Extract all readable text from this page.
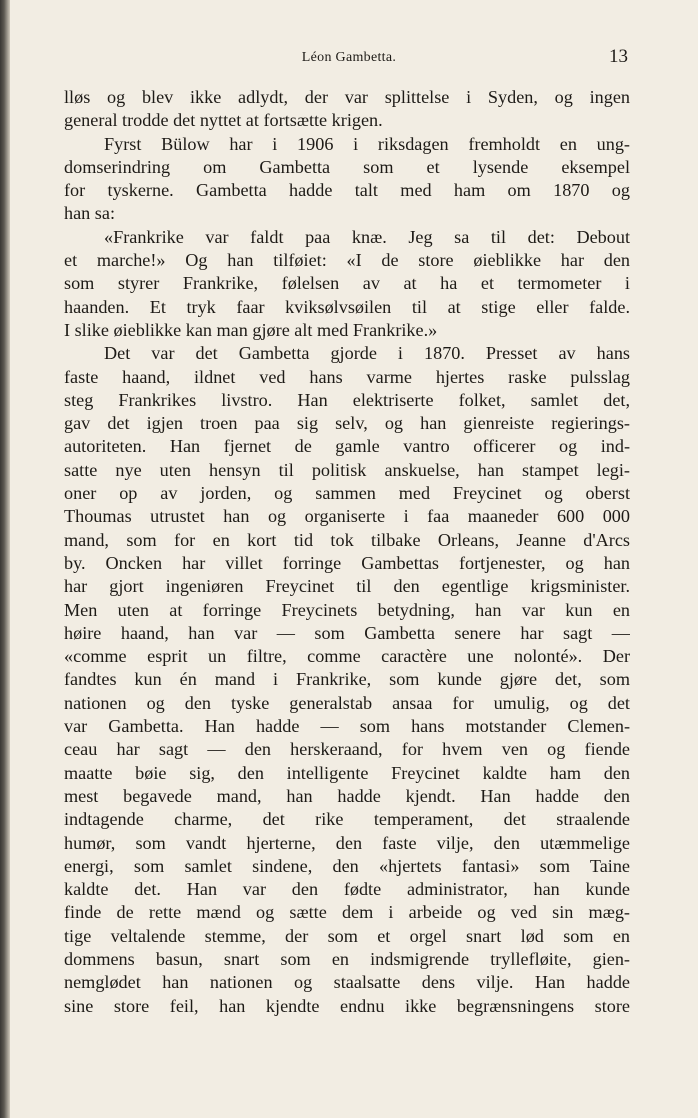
Léon Gambetta.	13
lløs og blev ikke adlydt, der var splittelse i Syden, og ingen
general trodde det nyttet at fortsætte krigen.
Fyrst Bülow har i 1906 i riksdagen fremholdt en ung-
domserindring om Gambetta som et lysende eksempel
for tyskerne. Gambetta hadde talt med ham om 1870 og
han sa:
«Frankrike var faldt paa knæ. Jeg sa til det: Debout
et marche!» Og han tilføiet: «I de store øieblikke har den
som styrer Frankrike, følelsen av at ha et termometer i
haanden. Et tryk faar kviksølvsøilen til at stige eller falde.
I slike øieblikke kan man gjøre alt med Frankrike.»
Det var det Gambetta gjorde i 1870. Presset av hans
faste haand, ildnet ved hans varme hjertes raske pulsslag
steg Frankrikes livstro. Han elektriserte folket, samlet det,
gav det igjen troen paa sig selv, og han gienreiste regierings-
autoriteten. Han fjernet de gamle vantro officerer og ind-
satte nye uten hensyn til politisk anskuelse, han stampet legi-
oner op av jorden, og sammen med Freycinet og oberst
Thoumas utrustet han og organiserte i faa maaneder 600 000
mand, som for en kort tid tok tilbake Orleans, Jeanne d'Arcs
by. Oncken har villet forringe Gambettas fortjenester, og han
har gjort ingeniøren Freycinet til den egentlige krigsminister.
Men uten at forringe Freycinets betydning, han var kun en
høire haand, han var — som Gambetta senere har sagt —
«comme esprit un filtre, comme caractère une nolonté». Der
fandtes kun én mand i Frankrike, som kunde gjøre det, som
nationen og den tyske generalstab ansaa for umulig, og det
var Gambetta. Han hadde — som hans motstander Clemen-
ceau har sagt — den herskeraand, for hvem ven og fiende
maatte bøie sig, den intelligente Freycinet kaldte ham den
mest begavede mand, han hadde kjendt. Han hadde den
indtagende charme, det rike temperament, det straalende
humør, som vandt hjerterne, den faste vilje, den utæmmelige
energi, som samlet sindene, den «hjertets fantasi» som Taine
kaldte det. Han var den fødte administrator, han kunde
finde de rette mænd og sætte dem i arbeide og ved sin mæg-
tige veltalende stemme, der som et orgel snart lød som en
dommens basun, snart som en indsmigrende tryllefløite, gien-
nemglødet han nationen og staalsatte dens vilje. Han hadde
sine store feil, han kjendte endnu ikke begrænsningens store
